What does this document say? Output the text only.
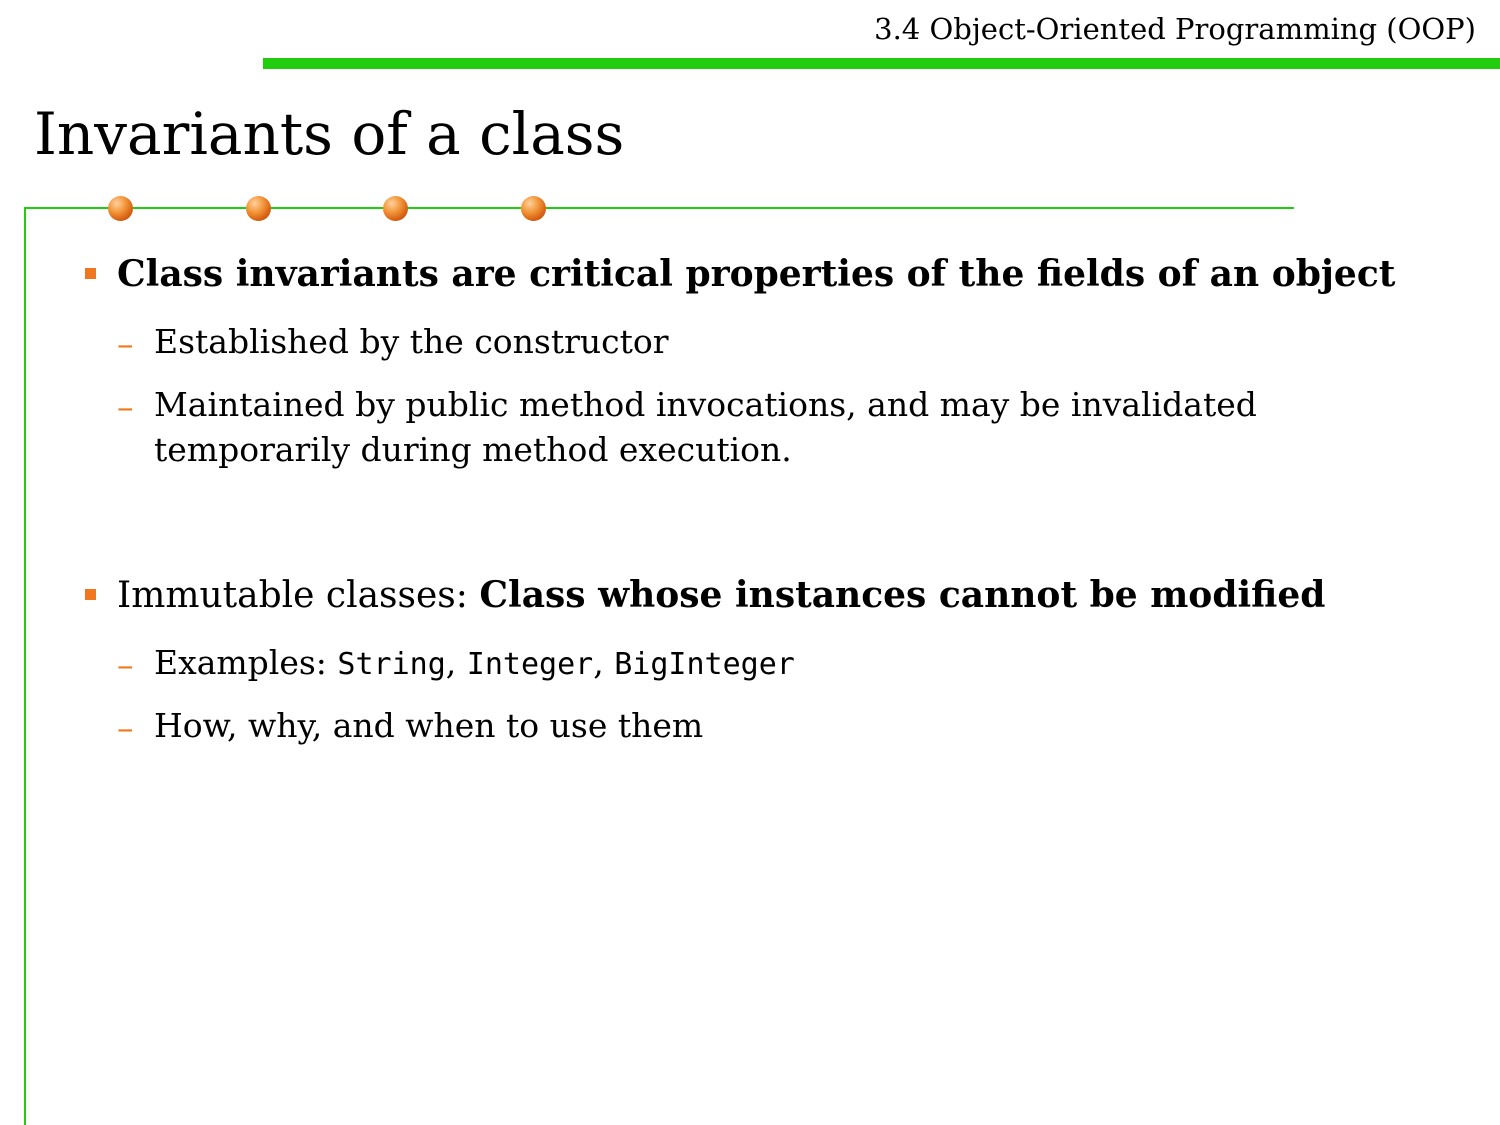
3.4 Object-Oriented Programming (OOP)
Invariants of a class
Class invariants are critical properties of the fields of an object
– Established by the constructor
– Maintained by public method invocations, and may be invalidated
temporarily during method execution.
Immutable classes: Class whose instances cannot be modified
– Examples: String, Integer, BigInteger
– How, why, and when to use them
